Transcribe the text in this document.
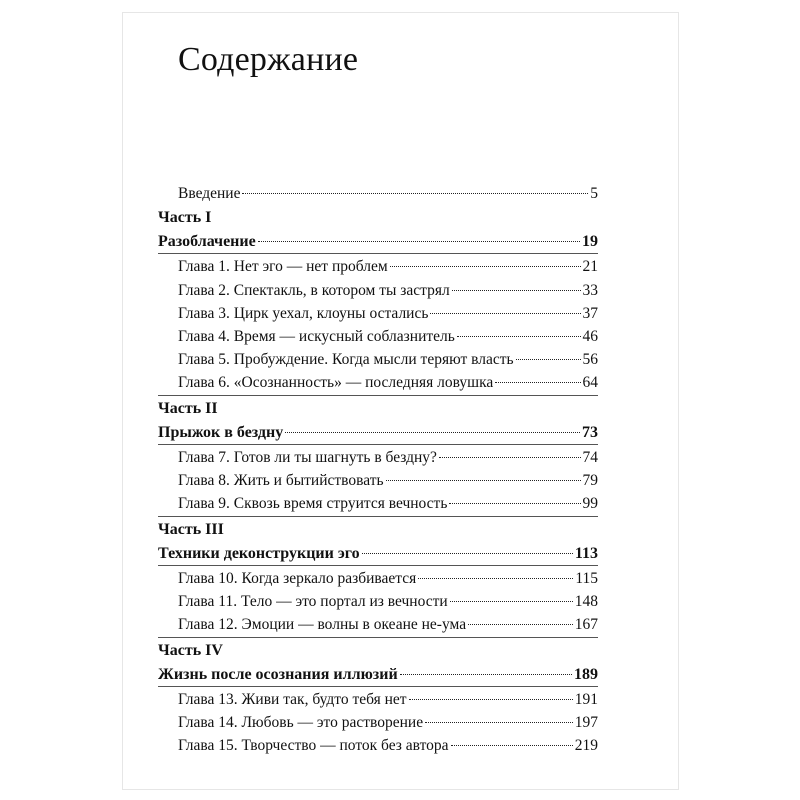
Содержание
Введение	5
Часть I
Разоблачение	19
Глава 1. Нет эго — нет проблем	21
Глава 2. Спектакль, в котором ты застрял	33
Глава 3. Цирк уехал, клоуны остались	37
Глава 4. Время — искусный соблазнитель	46
Глава 5. Пробуждение. Когда мысли теряют власть	56
Глава 6. «Осознанность» — последняя ловушка	64
Часть II
Прыжок в бездну	73
Глава 7. Готов ли ты шагнуть в бездну?	74
Глава 8. Жить и бытийствовать	79
Глава 9. Сквозь время струится вечность	99
Часть III
Техники деконструкции эго	113
Глава 10. Когда зеркало разбивается	115
Глава 11. Тело — это портал из вечности	148
Глава 12. Эмоции — волны в океане не-ума	167
Часть IV
Жизнь после осознания иллюзий	189
Глава 13. Живи так, будто тебя нет	191
Глава 14. Любовь — это растворение	197
Глава 15. Творчество — поток без автора	219
